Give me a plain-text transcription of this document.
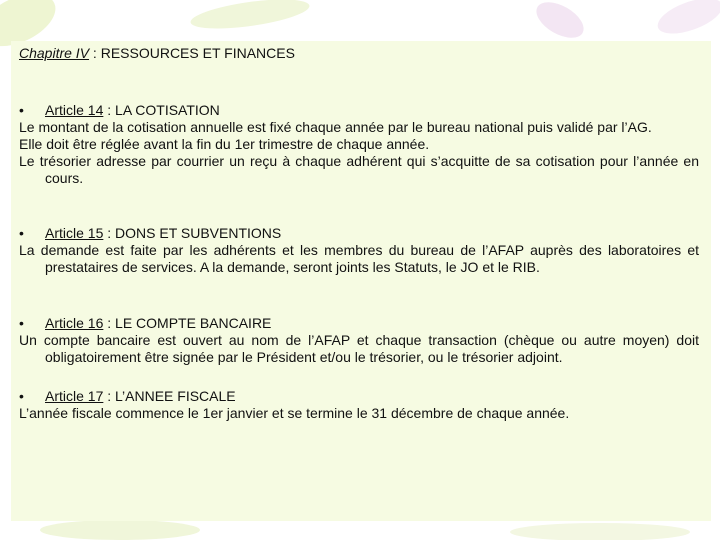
Chapitre IV : RESSOURCES ET FINANCES

• Article 14 : LA COTISATION

Le montant de la cotisation annuelle est fixé chaque année par le bureau national puis validé par l’AG.

Elle doit être réglée avant la fin du 1er trimestre de chaque année.

Le trésorier adresse par courrier un reçu à chaque adhérent qui s’acquitte de sa cotisation pour l’année en cours.

• Article 15 : DONS ET SUBVENTIONS

La demande est faite par les adhérents et les membres du bureau de l’AFAP auprès des laboratoires et prestataires de services. A la demande, seront joints les Statuts, le JO et le RIB.

• Article 16 : LE COMPTE BANCAIRE

Un compte bancaire est ouvert au nom de l’AFAP et chaque transaction (chèque ou autre moyen) doit obligatoirement être signée par le Président et/ou le trésorier, ou le trésorier adjoint.

• Article 17 : L’ANNEE FISCALE

L’année fiscale commence le 1er janvier et se termine le 31 décembre de chaque année.
